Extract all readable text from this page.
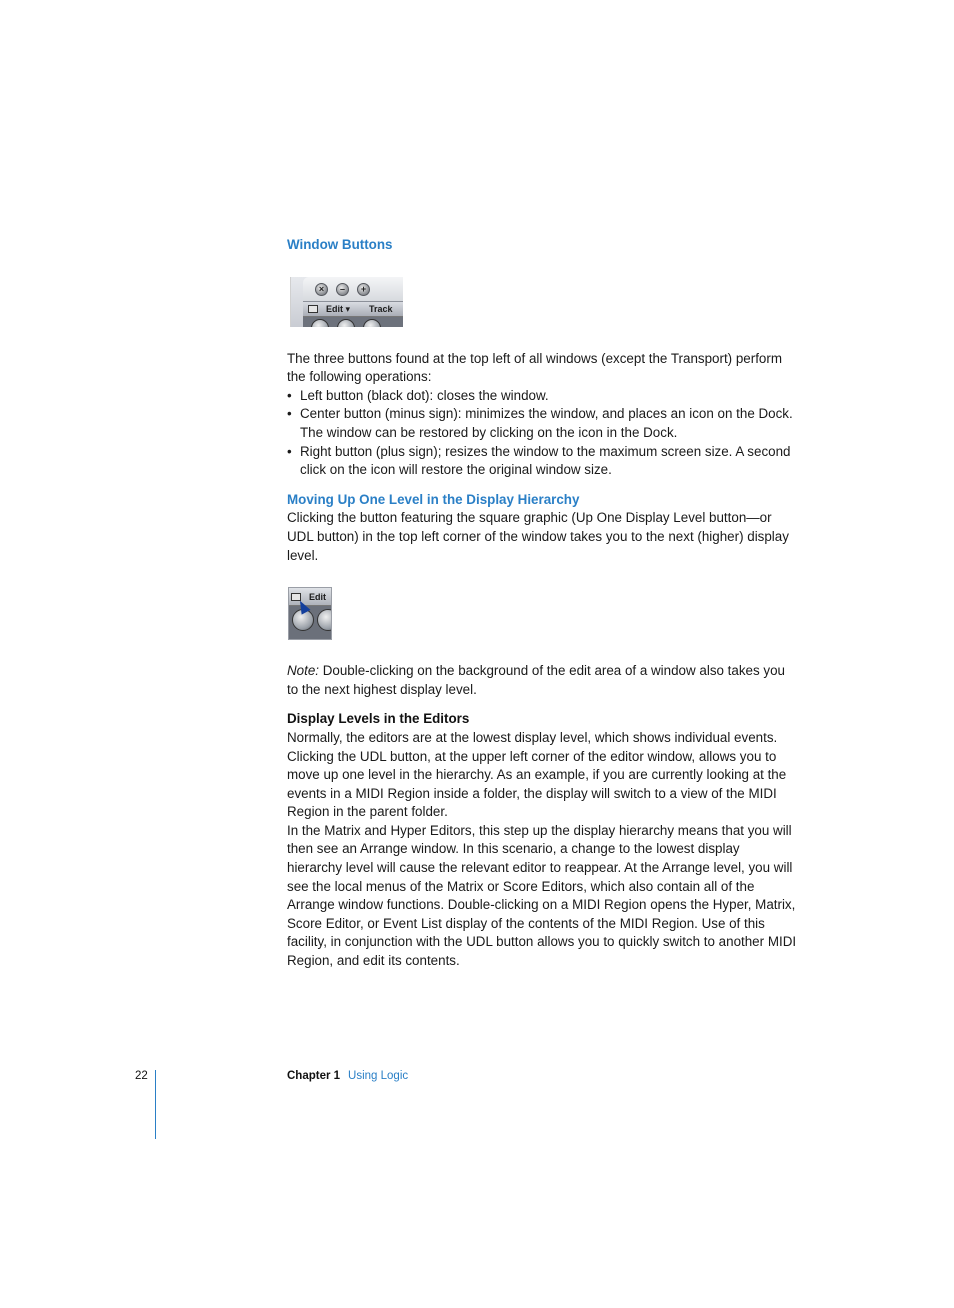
Window Buttons
×	–	+
Edit ▾ Track

The three buttons found at the top left of all windows (except the Transport) perform the following operations:

• Left button (black dot): closes the window.
• Center button (minus sign): minimizes the window, and places an icon on the Dock. The window can be restored by clicking on the icon in the Dock.
• Right button (plus sign); resizes the window to the maximum screen size. A second click on the icon will restore the original window size.
Moving Up One Level in the Display Hierarchy

Clicking the button featuring the square graphic (Up One Display Level button—or UDL button) in the top left corner of the window takes you to the next (higher) display level.

Edit

Note: Double-clicking on the background of the edit area of a window also takes you to the next highest display level.

Display Levels in the Editors

Normally, the editors are at the lowest display level, which shows individual events. Clicking the UDL button, at the upper left corner of the editor window, allows you to move up one level in the hierarchy. As an example, if you are currently looking at the events in a MIDI Region inside a folder, the display will switch to a view of the MIDI Region in the parent folder.

In the Matrix and Hyper Editors, this step up the display hierarchy means that you will then see an Arrange window. In this scenario, a change to the lowest display hierarchy level will cause the relevant editor to reappear. At the Arrange level, you will see the local menus of the Matrix or Score Editors, which also contain all of the Arrange window functions. Double-clicking on a MIDI Region opens the Hyper, Matrix, Score Editor, or Event List display of the contents of the MIDI Region. Use of this facility, in conjunction with the UDL button allows you to quickly switch to another MIDI Region, and edit its contents.

22	Chapter 1 Using Logic
